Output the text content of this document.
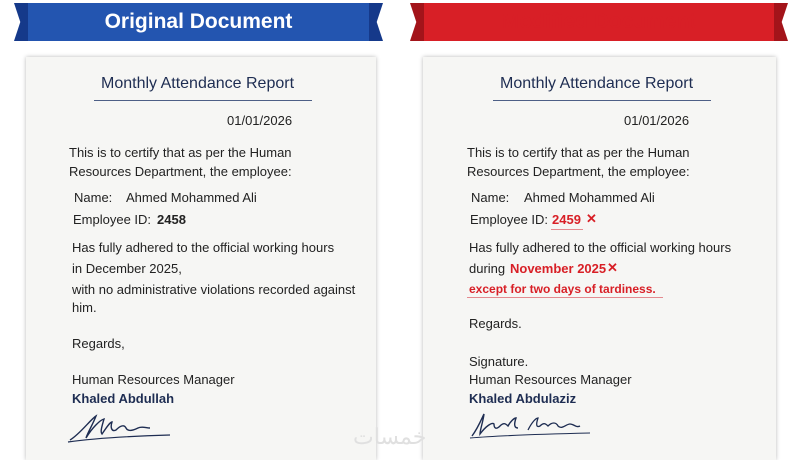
Original Document	Modified Document
Monthly Attendance Report
01/01/2026
This is to certify that as per the Human
Resources Department, the employee:
Name: Ahmed Mohammed Ali
Employee ID: 2458
Has fully adhered to the official working hours
in December 2025,
with no administrative violations recorded against
him.
Regards,
Human Resources Manager
Khaled Abdullah
Monthly Attendance Report
01/01/2026
This is to certify that as per the Human
Resources Department, the employee:
Name: Ahmed Mohammed Ali
Employee ID: 2459 ✕
Has fully adhered to the official working hours
during November 2025 ✕
except for two days of tardiness.
Regards.
Signature.
Human Resources Manager
Khaled Abdulaziz
خمسات
